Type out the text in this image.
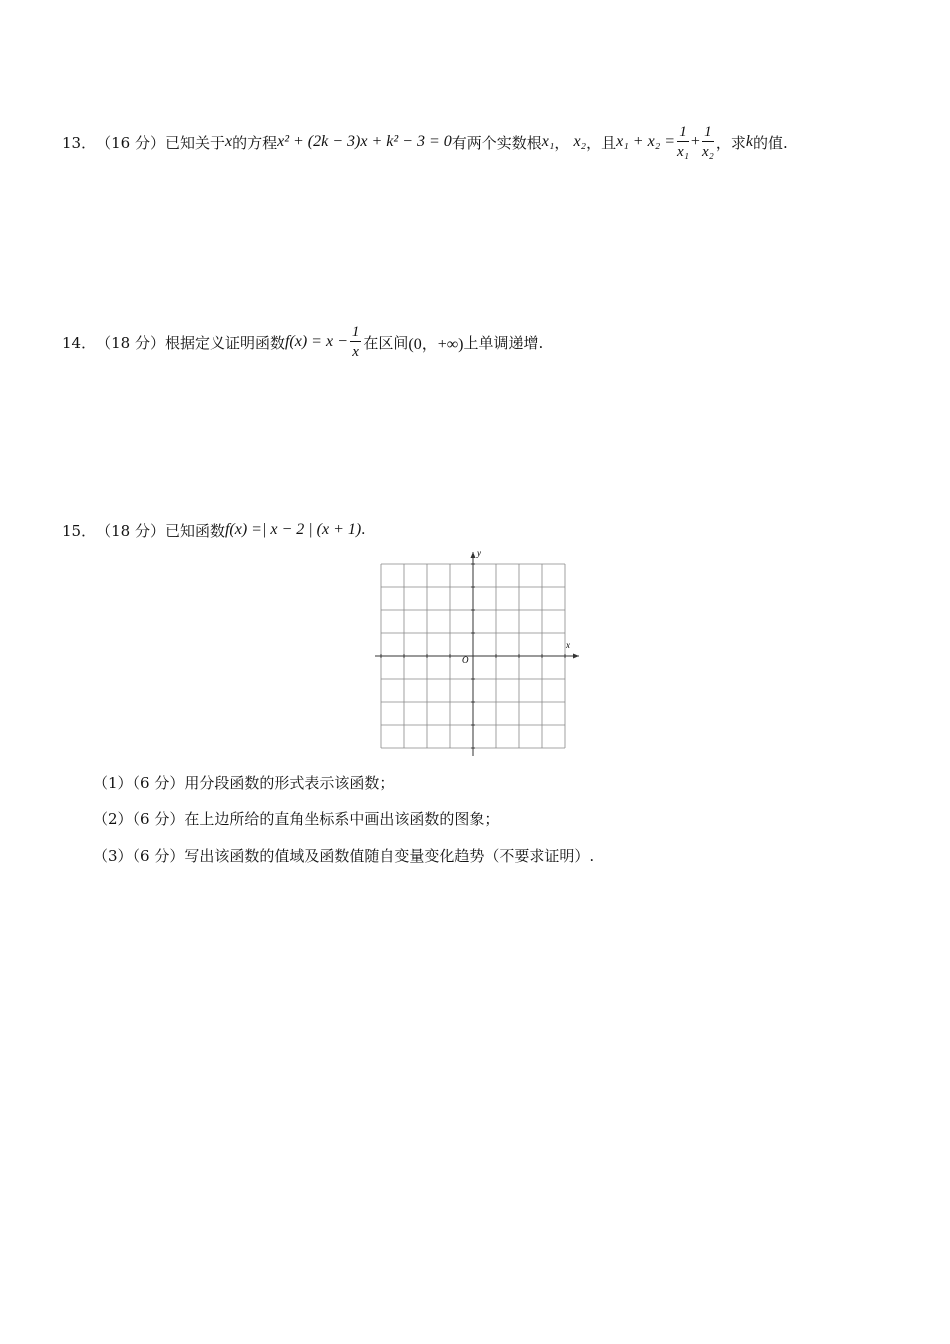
13． （16 分） 已知关于 x 的方程 x² + (2k − 3)x + k² − 3 = 0 有两个实数根 x₁ ， x₂ ，且 $x_1 + x_2 = \frac{1}{\text{x₁}} + \frac{1}{\text{x₂}}$ ，求 k 的值.
14． （18 分） 根据定义证明函数 $f(x) = x - \frac{1}{x}$ 在区间 (0，+∞) 上单调递增.
15． （18 分） 已知函数 f(x) =| x − 2 | (x + 1) .
x
y
O
（1）（6 分）用分段函数的形式表示该函数；
（2）（6 分）在上边所给的直角坐标系中画出该函数的图象；
（3）（6 分）写出该函数的值域及函数值随自变量变化趋势（不要求证明）.
